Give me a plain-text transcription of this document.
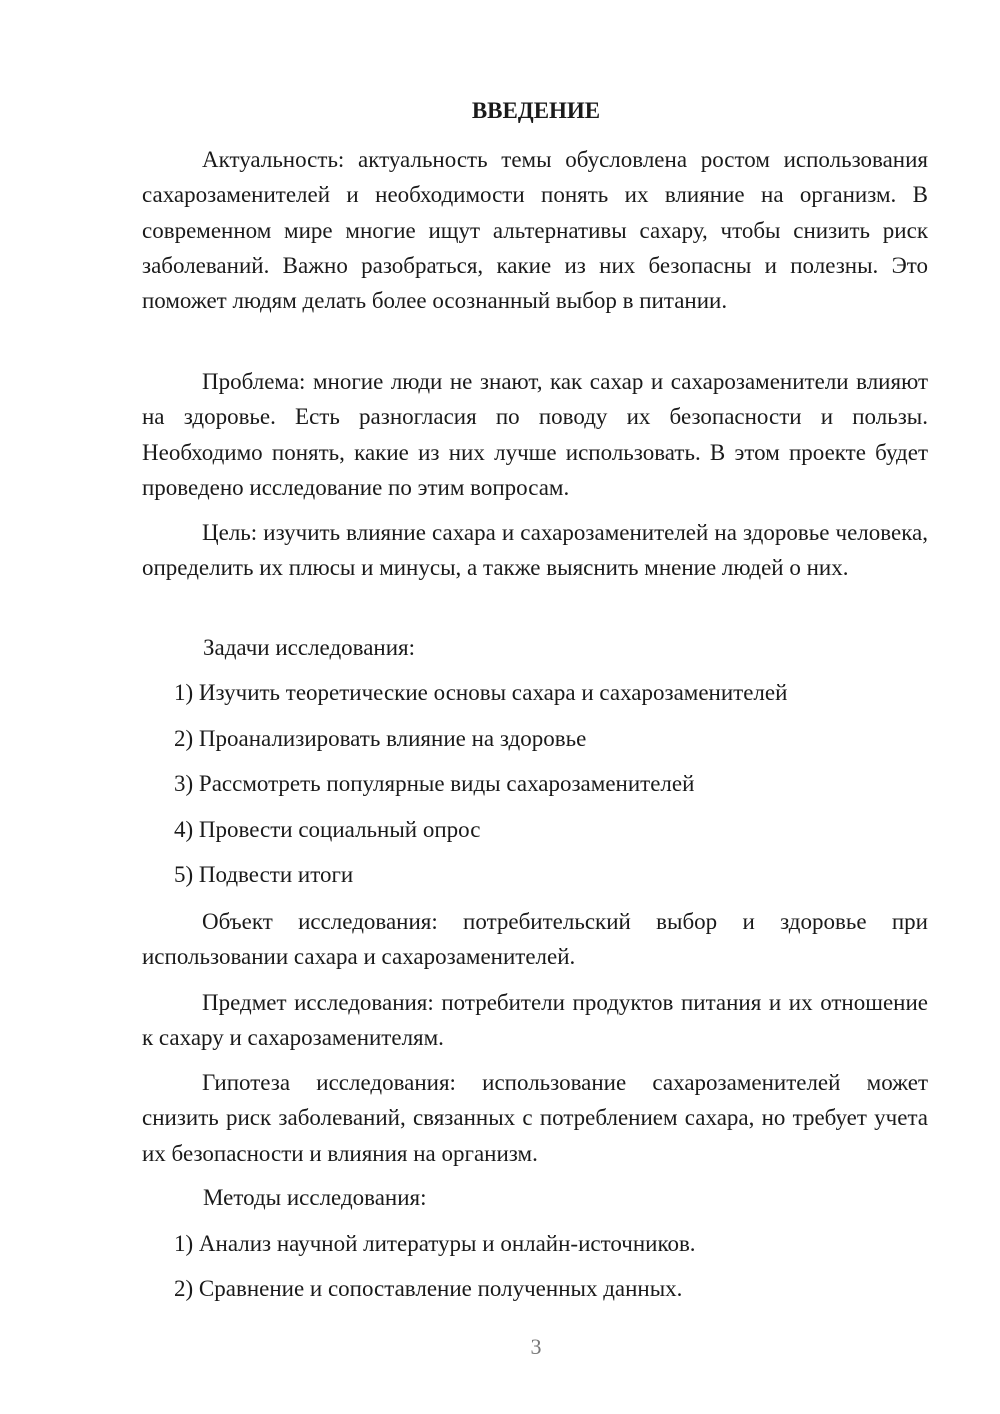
ВВЕДЕНИЕ

Актуальность: актуальность темы обусловлена ростом использования сахарозаменителей и необходимости понять их влияние на организм. В современном мире многие ищут альтернативы сахару, чтобы снизить риск заболеваний. Важно разобраться, какие из них безопасны и полезны. Это поможет людям делать более осознанный выбор в питании.

Проблема: многие люди не знают, как сахар и сахарозаменители влияют на здоровье. Есть разногласия по поводу их безопасности и пользы. Необходимо понять, какие из них лучше использовать. В этом проекте будет проведено исследование по этим вопросам.

Цель: изучить влияние сахара и сахарозаменителей на здоровье человека, определить их плюсы и минусы, а также выяснить мнение людей о них.

Задачи исследования:
1) Изучить теоретические основы сахара и сахарозаменителей
2) Проанализировать влияние на здоровье
3) Рассмотреть популярные виды сахарозаменителей
4) Провести социальный опрос
5) Подвести итоги

Объект исследования: потребительский выбор и здоровье при использовании сахара и сахарозаменителей.

Предмет исследования: потребители продуктов питания и их отношение к сахару и сахарозаменителям.

Гипотеза исследования: использование сахарозаменителей может снизить риск заболеваний, связанных с потреблением сахара, но требует учета их безопасности и влияния на организм.

Методы исследования:
1) Анализ научной литературы и онлайн-источников.
2) Сравнение и сопоставление полученных данных.
3
